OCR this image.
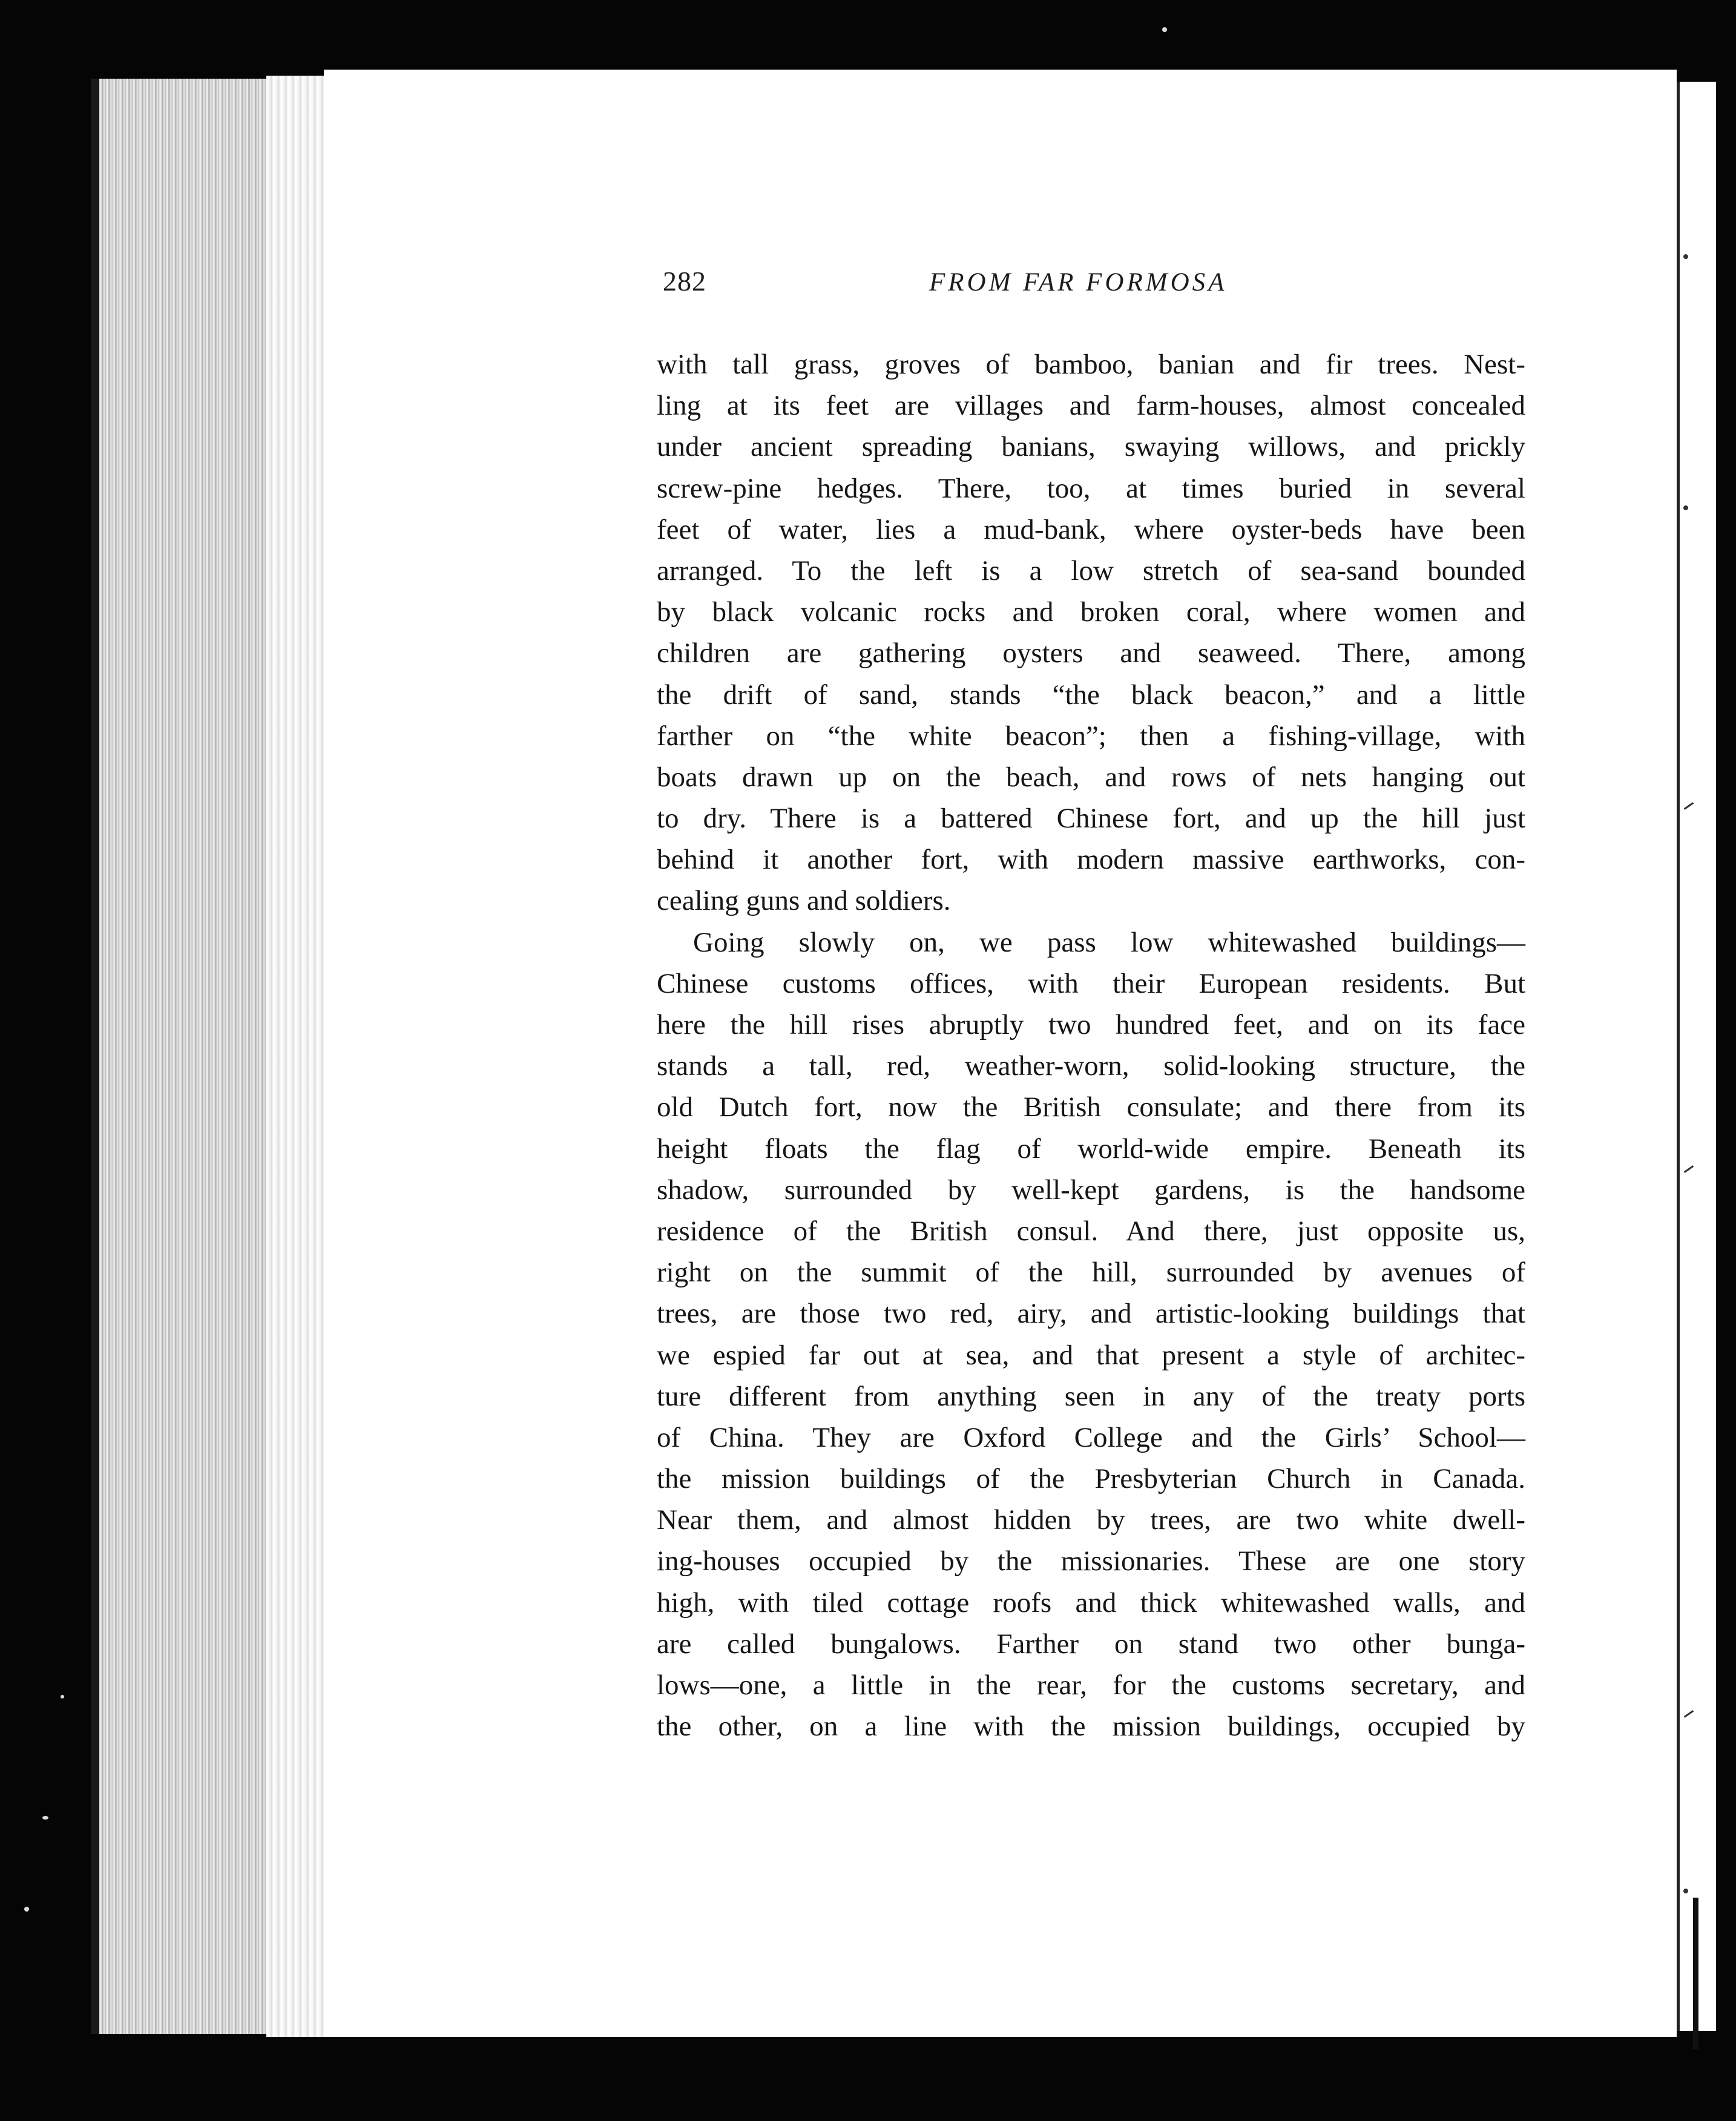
282	FROM FAR FORMOSA
with tall grass, groves of bamboo, banian and fir trees. Nest-
ling at its feet are villages and farm-houses, almost concealed
under ancient spreading banians, swaying willows, and prickly
screw-pine hedges. There, too, at times buried in several
feet of water, lies a mud-bank, where oyster-beds have been
arranged. To the left is a low stretch of sea-sand bounded
by black volcanic rocks and broken coral, where women and
children are gathering oysters and seaweed. There, among
the drift of sand, stands “the black beacon,” and a little
farther on “the white beacon”; then a fishing-village, with
boats drawn up on the beach, and rows of nets hanging out
to dry. There is a battered Chinese fort, and up the hill just
behind it another fort, with modern massive earthworks, con-
cealing guns and soldiers.
Going slowly on, we pass low whitewashed buildings—
Chinese customs offices, with their European residents. But
here the hill rises abruptly two hundred feet, and on its face
stands a tall, red, weather-worn, solid-looking structure, the
old Dutch fort, now the British consulate; and there from its
height floats the flag of world-wide empire. Beneath its
shadow, surrounded by well-kept gardens, is the handsome
residence of the British consul. And there, just opposite us,
right on the summit of the hill, surrounded by avenues of
trees, are those two red, airy, and artistic-looking buildings that
we espied far out at sea, and that present a style of architec-
ture different from anything seen in any of the treaty ports
of China. They are Oxford College and the Girls’ School—
the mission buildings of the Presbyterian Church in Canada.
Near them, and almost hidden by trees, are two white dwell-
ing-houses occupied by the missionaries. These are one story
high, with tiled cottage roofs and thick whitewashed walls, and
are called bungalows. Farther on stand two other bunga-
lows—one, a little in the rear, for the customs secretary, and
the other, on a line with the mission buildings, occupied by
